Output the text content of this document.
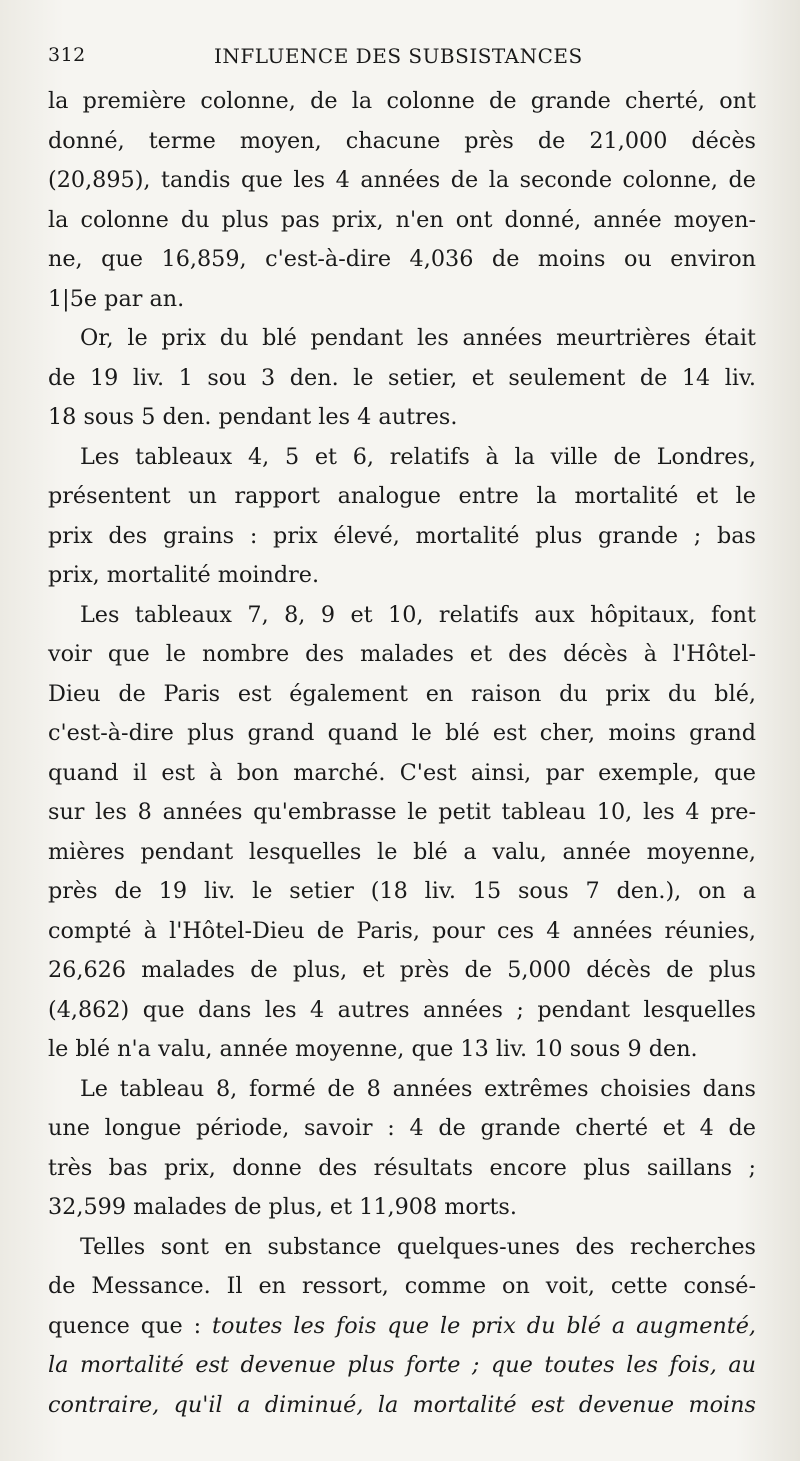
312	INFLUENCE DES SUBSISTANCES
la première colonne, de la colonne de grande cherté, ont
donné, terme moyen, chacune près de 21,000 décès
(20,895), tandis que les 4 années de la seconde colonne, de
la colonne du plus pas prix, n'en ont donné, année moyen-
ne, que 16,859, c'est-à-dire 4,036 de moins ou environ
1|5e par an.
Or, le prix du blé pendant les années meurtrières était
de 19 liv. 1 sou 3 den. le setier, et seulement de 14 liv.
18 sous 5 den. pendant les 4 autres.
Les tableaux 4, 5 et 6, relatifs à la ville de Londres,
présentent un rapport analogue entre la mortalité et le
prix des grains : prix élevé, mortalité plus grande ; bas
prix, mortalité moindre.
Les tableaux 7, 8, 9 et 10, relatifs aux hôpitaux, font
voir que le nombre des malades et des décès à l'Hôtel-
Dieu de Paris est également en raison du prix du blé,
c'est-à-dire plus grand quand le blé est cher, moins grand
quand il est à bon marché. C'est ainsi, par exemple, que
sur les 8 années qu'embrasse le petit tableau 10, les 4 pre-
mières pendant lesquelles le blé a valu, année moyenne,
près de 19 liv. le setier (18 liv. 15 sous 7 den.), on a
compté à l'Hôtel-Dieu de Paris, pour ces 4 années réunies,
26,626 malades de plus, et près de 5,000 décès de plus
(4,862) que dans les 4 autres années ; pendant lesquelles
le blé n'a valu, année moyenne, que 13 liv. 10 sous 9 den.
Le tableau 8, formé de 8 années extrêmes choisies dans
une longue période, savoir : 4 de grande cherté et 4 de
très bas prix, donne des résultats encore plus saillans ;
32,599 malades de plus, et 11,908 morts.
Telles sont en substance quelques-unes des recherches
de Messance. Il en ressort, comme on voit, cette consé-
quence que : toutes les fois que le prix du blé a augmenté,
la mortalité est devenue plus forte ; que toutes les fois, au
contraire, qu'il a diminué, la mortalité est devenue moins
